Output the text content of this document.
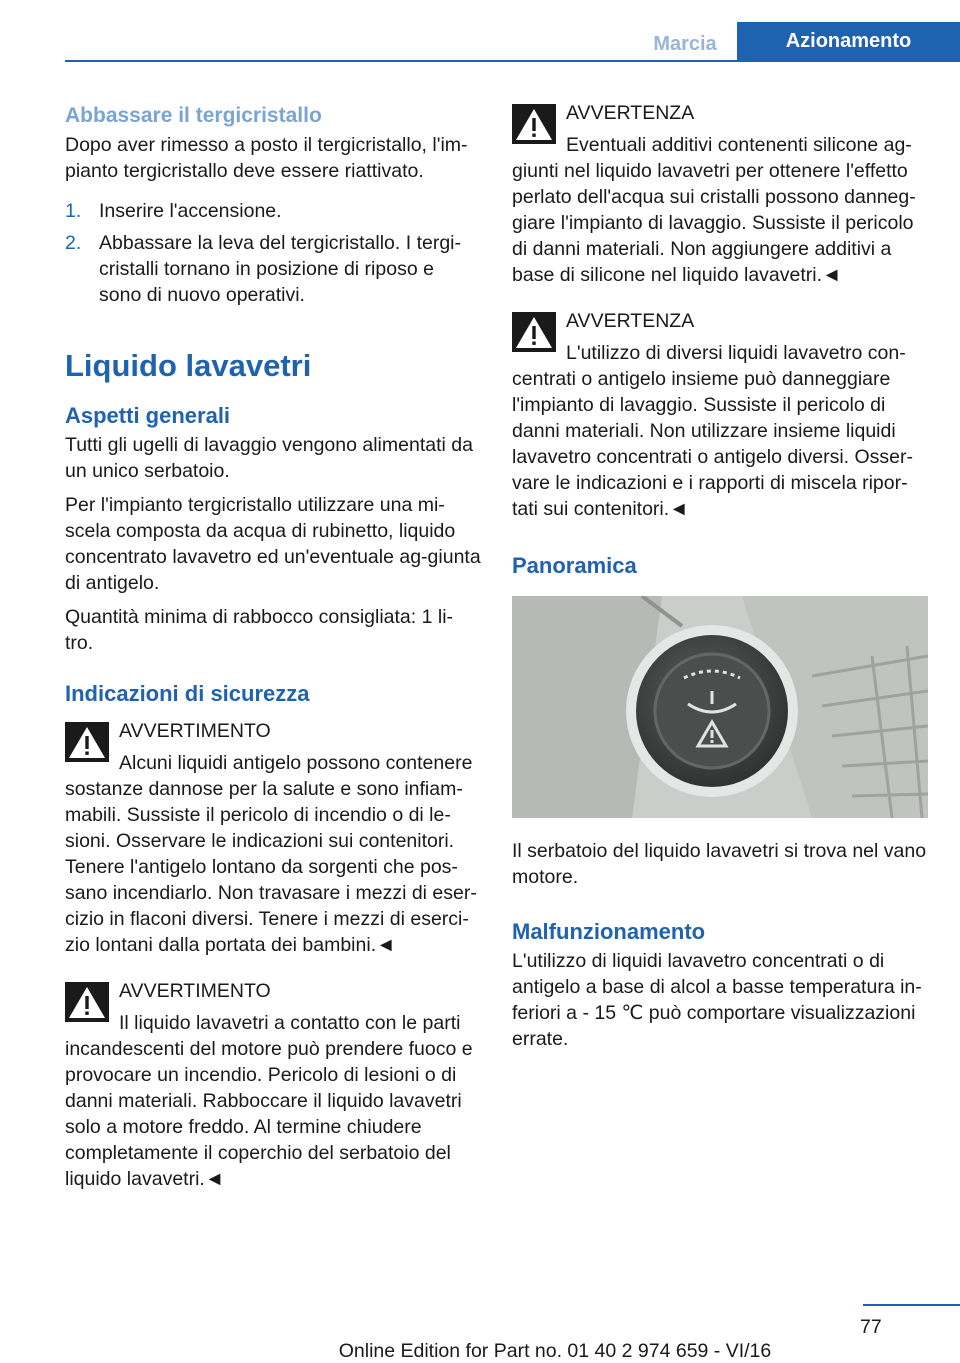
Marcia	Azionamento
Abbassare il tergicristallo

Dopo aver rimesso a posto il tergicristallo, l'im-pianto tergicristallo deve essere riattivato.

1. Inserire l'accensione.
2. Abbassare la leva del tergicristallo. I tergi-cristalli tornano in posizione di riposo e sono di nuovo operativi.
Liquido lavavetri
Aspetti generali

Tutti gli ugelli di lavaggio vengono alimentati da un unico serbatoio.

Per l'impianto tergicristallo utilizzare una mi-scela composta da acqua di rubinetto, liquido concentrato lavavetro ed un'eventuale ag-giunta di antigelo.

Quantità minima di rabbocco consigliata: 1 li-tro.

Indicazioni di sicurezza
AVVERTIMENTO

Alcuni liquidi antigelo possono contenere sostanze dannose per la salute e sono infiam-mabili. Sussiste il pericolo di incendio o di le-sioni. Osservare le indicazioni sui contenitori. Tenere l'antigelo lontano da sorgenti che pos-sano incendiarlo. Non travasare i mezzi di eser-cizio in flaconi diversi. Tenere i mezzi di eserci-zio lontani dalla portata dei bambini.◄

AVVERTIMENTO

Il liquido lavavetri a contatto con le parti incandescenti del motore può prendere fuoco e provocare un incendio. Pericolo di lesioni o di danni materiali. Rabboccare il liquido lavavetri solo a motore freddo. Al termine chiudere completamente il coperchio del serbatoio del liquido lavavetri.◄

AVVERTENZA

Eventuali additivi contenenti silicone ag-giunti nel liquido lavavetri per ottenere l'effetto perlato dell'acqua sui cristalli possono danneg-giare l'impianto di lavaggio. Sussiste il pericolo di danni materiali. Non aggiungere additivi a base di silicone nel liquido lavavetri.◄

AVVERTENZA

L'utilizzo di diversi liquidi lavavetro con-centrati o antigelo insieme può danneggiare l'impianto di lavaggio. Sussiste il pericolo di danni materiali. Non utilizzare insieme liquidi lavavetro concentrati o antigelo diversi. Osser-vare le indicazioni e i rapporti di miscela ripor-tati sui contenitori.◄

Panoramica

Il serbatoio del liquido lavavetri si trova nel vano motore.

Malfunzionamento

L'utilizzo di liquidi lavavetro concentrati o di antigelo a base di alcol a basse temperatura in-feriori a - 15 ℃ può comportare visualizzazioni errate.

77
Online Edition for Part no. 01 40 2 974 659 - VI/16
